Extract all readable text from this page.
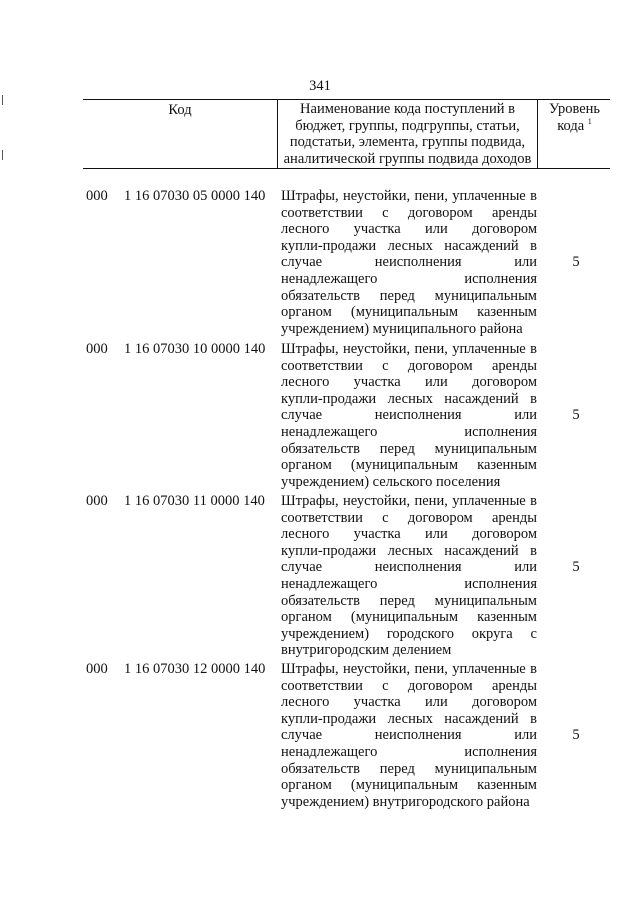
341
Код	Наименование кода поступлений в
бюджет, группы, подгруппы, статьи,
подстатьи, элемента, группы подвида,
аналитической группы подвида доходов
Уровень
кода $^1$
000 1 16 07030 05 0000 140 Штрафы, неустойки, пени, уплаченные в
соответствии с договором аренды
лесного участка или договором
купли-продажи лесных насаждений в
случае неисполнения или
ненадлежащего исполнения
обязательств перед муниципальным
органом (муниципальным казенным
учреждением) муниципального района
5
000 1 16 07030 10 0000 140 Штрафы, неустойки, пени, уплаченные в
соответствии с договором аренды
лесного участка или договором
купли-продажи лесных насаждений в
случае неисполнения или
ненадлежащего исполнения
обязательств перед муниципальным
органом (муниципальным казенным
учреждением) сельского поселения
5
000 1 16 07030 11 0000 140 Штрафы, неустойки, пени, уплаченные в
соответствии с договором аренды
лесного участка или договором
купли-продажи лесных насаждений в
случае неисполнения или
ненадлежащего исполнения
обязательств перед муниципальным
органом (муниципальным казенным
учреждением) городского округа с
внутригородским делением
5
000 1 16 07030 12 0000 140 Штрафы, неустойки, пени, уплаченные в
соответствии с договором аренды
лесного участка или договором
купли-продажи лесных насаждений в
случае неисполнения или
ненадлежащего исполнения
обязательств перед муниципальным
органом (муниципальным казенным
учреждением) внутригородского района
5
